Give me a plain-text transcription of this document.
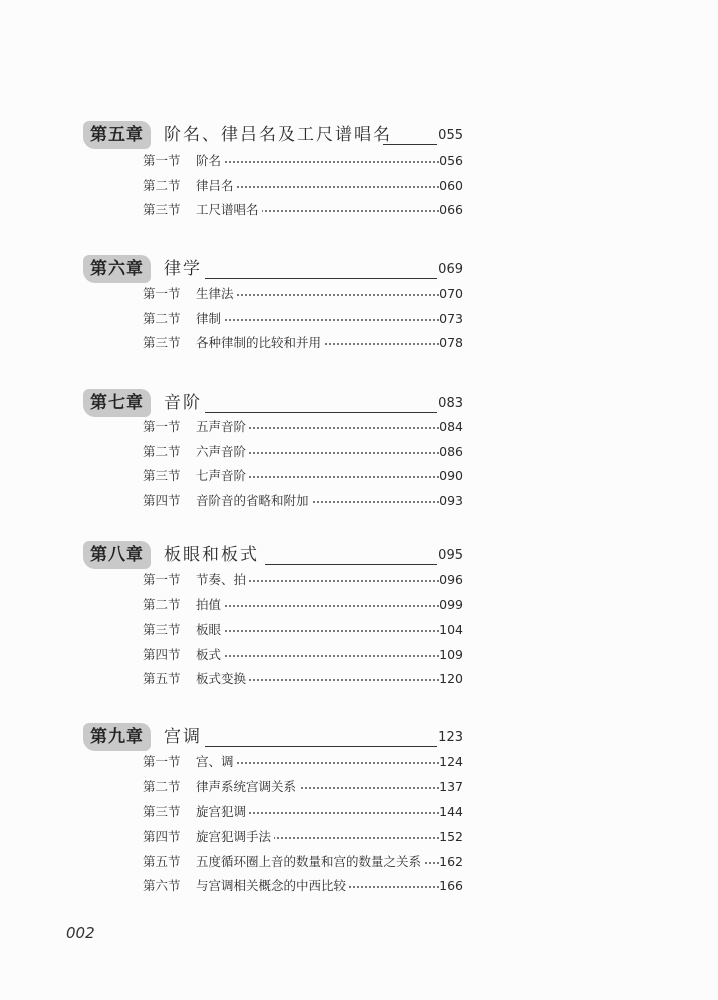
第五章	阶名、律吕名及工尺谱唱名	055
第一节 阶名	056
第二节 律吕名	060
第三节 工尺谱唱名	066
第六章	律学	069
第一节 生律法	070
第二节 律制	073
第三节 各种律制的比较和并用	078
第七章	音阶	083
第一节 五声音阶	084
第二节 六声音阶	086
第三节 七声音阶	090
第四节 音阶音的省略和附加	093
第八章	板眼和板式	095
第一节 节奏、拍	096
第二节 拍值	099
第三节 板眼	104
第四节 板式	109
第五节 板式变换	120
第九章	宫调	123
第一节 宫、调	124
第二节 律声系统宫调关系	137
第三节 旋宫犯调	144
第四节 旋宫犯调手法	152
第五节 五度循环圈上音的数量和宫的数量之关系 162
第六节 与宫调相关概念的中西比较	166
002
